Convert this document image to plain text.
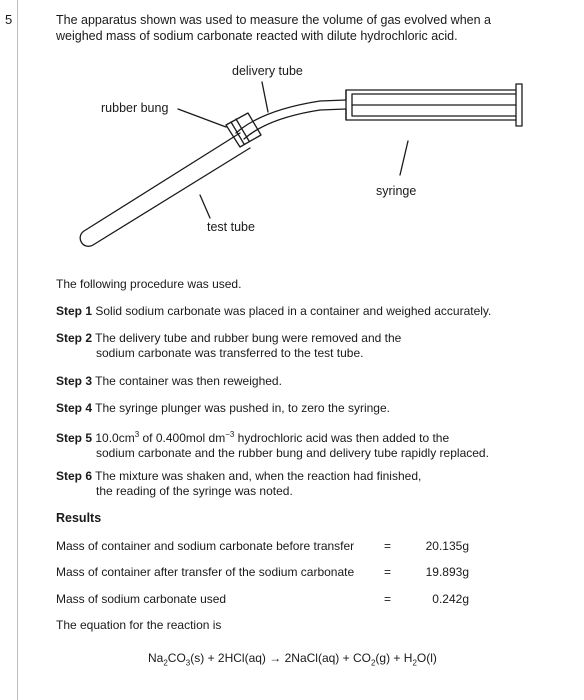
5	The apparatus shown was used to measure the volume of gas evolved when a
weighed mass of sodium carbonate reacted with dilute hydrochloric acid.
delivery tube
rubber bung
syringe
test tube
The following procedure was used.
Step 1 Solid sodium carbonate was placed in a container and weighed accurately.
Step 2 The delivery tube and rubber bung were removed and the
sodium carbonate was transferred to the test tube.
Step 3 The container was then reweighed.
Step 4 The syringe plunger was pushed in, to zero the syringe.
Step 5 $10.0cm^3$ of 0.400mol $dm^{-3}$ hydrochloric acid was then added to the
sodium carbonate and the rubber bung and delivery tube rapidly replaced.
Step 6 The mixture was shaken and, when the reaction had finished,
the reading of the syringe was noted.
Results
Mass of container and sodium carbonate before transfer =	20.135g
Mass of container after transfer of the sodium carbonate =	19.893g
Mass of sodium carbonate used	=	0.242g
The equation for the reaction is
$Na_2CO_3(s) + 2HCl(aq)$ → 2NaCl(aq) + $CO_2(g) + H_2O(l)$
